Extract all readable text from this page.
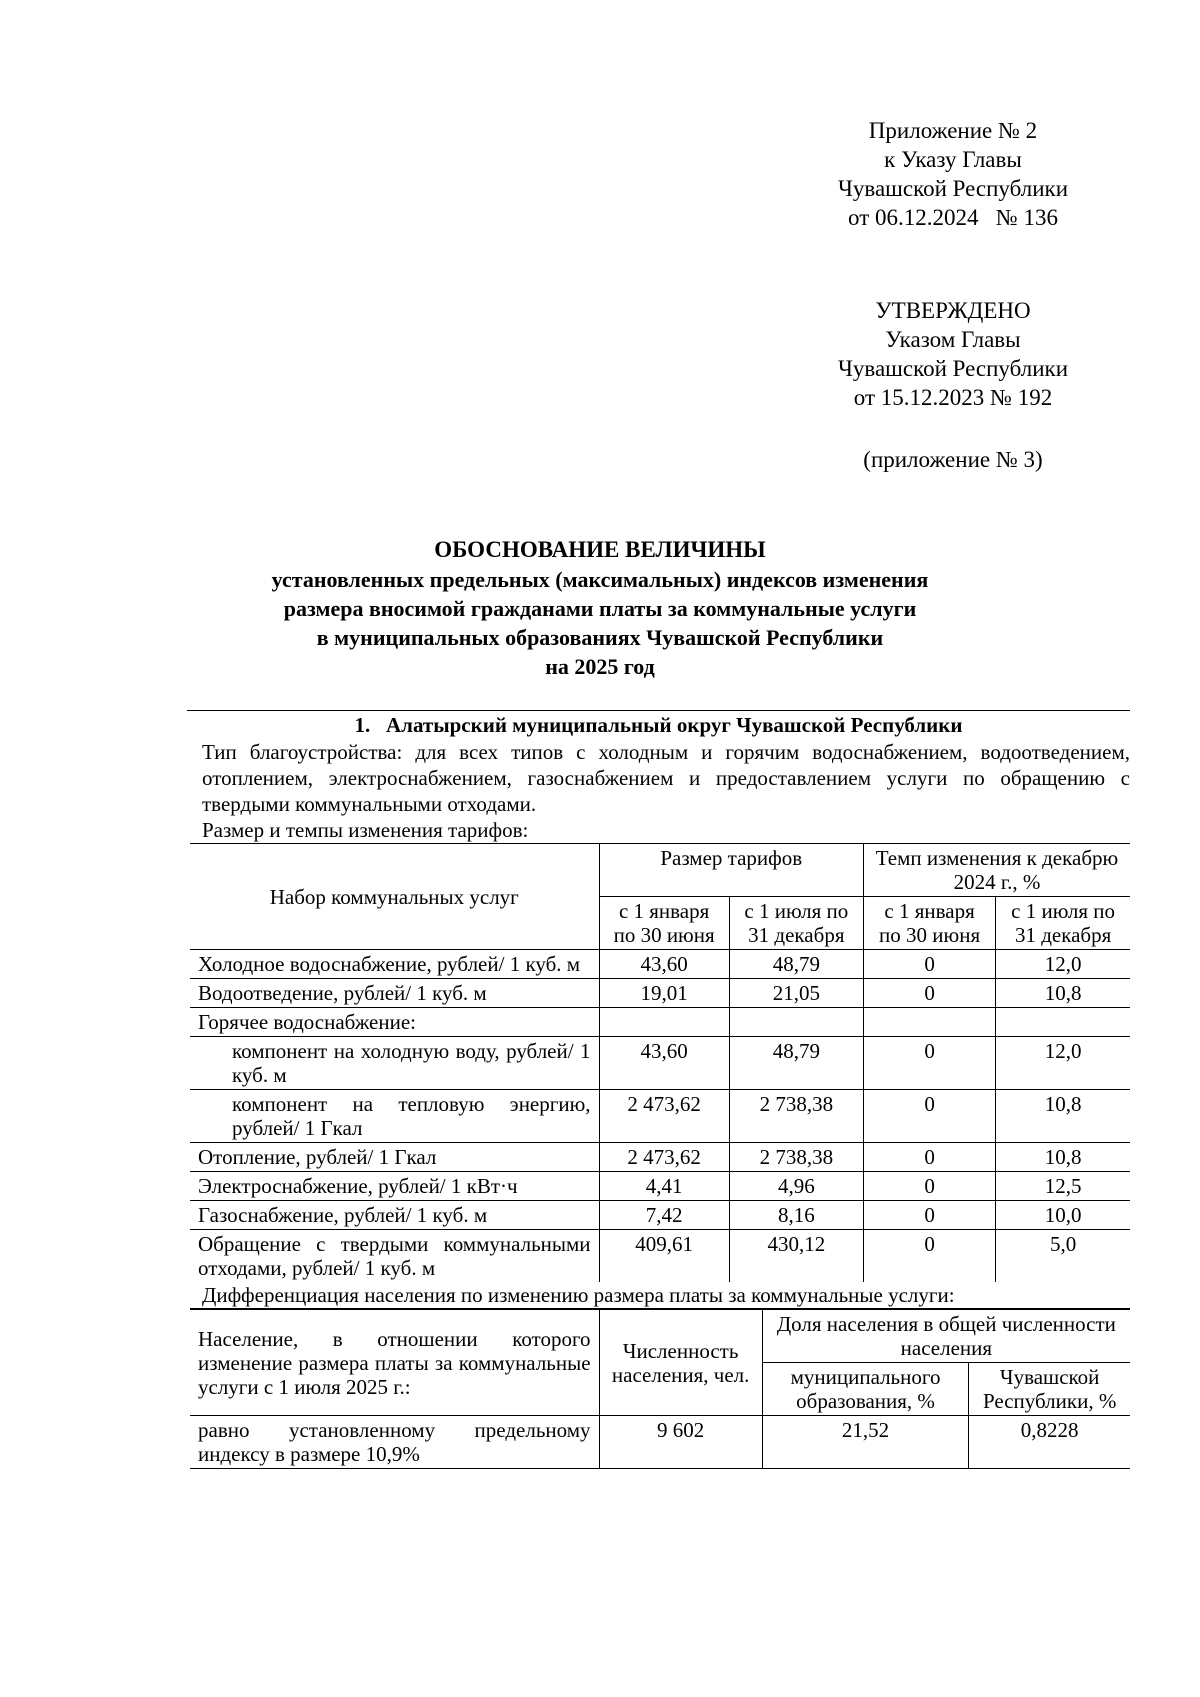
Приложение № 2
к Указу Главы
Чувашской Республики
от 06.12.2024   № 136
УТВЕРЖДЕНО
Указом Главы
Чувашской Республики
от 15.12.2023 № 192
(приложение № 3)
ОБОСНОВАНИЕ ВЕЛИЧИНЫ
установленных предельных (максимальных) индексов изменения
размера вносимой гражданами платы за коммунальные услуги
в муниципальных образованиях Чувашской Республики
на 2025 год
1.   Алатырский муниципальный округ Чувашской Республики
Тип благоустройства: для всех типов с холодным и горячим водоснабжением, водоотведением, отоплением, электроснабжением, газоснабжением и предоставлением услуги по обращению с твердыми коммунальными отходами.
Размер и темпы изменения тарифов:
Набор коммунальных услуг	Размер тарифов		Темп изменения к декабрю 2024 г., %	
	с 1 января по 30 июня	с 1 июля по 31 декабря	с 1 января по 30 июня	с 1 июля по 31 декабря
Холодное водоснабжение, рублей/ 1 куб. м	43,60	48,79	0	12,0
Водоотведение, рублей/ 1 куб. м	19,01	21,05	0	10,8
Горячее водоснабжение:				
компонент на холодную воду, рублей/ 1 куб. м	43,60	48,79	0	12,0
компонент на тепловую энергию, рублей/ 1 Гкал	2 473,62	2 738,38	0	10,8
Отопление, рублей/ 1 Гкал	2 473,62	2 738,38	0	10,8
Электроснабжение, рублей/ 1 кВт·ч	4,41	4,96	0	12,5
Газоснабжение, рублей/ 1 куб. м	7,42	8,16	0	10,0
Обращение с твердыми коммунальными отходами, рублей/ 1 куб. м	409,61	430,12	0	5,0
Дифференциация населения по изменению размера платы за коммунальные услуги:
Население, в отношении которого изменение размера платы за коммунальные услуги с 1 июля 2025 г.:	Численность населения, чел.	Доля населения в общей численности населения	
		муниципального образования, %	Чувашской Республики, %
равно установленному предельному индексу в размере 10,9%	9 602	21,52	0,8228
